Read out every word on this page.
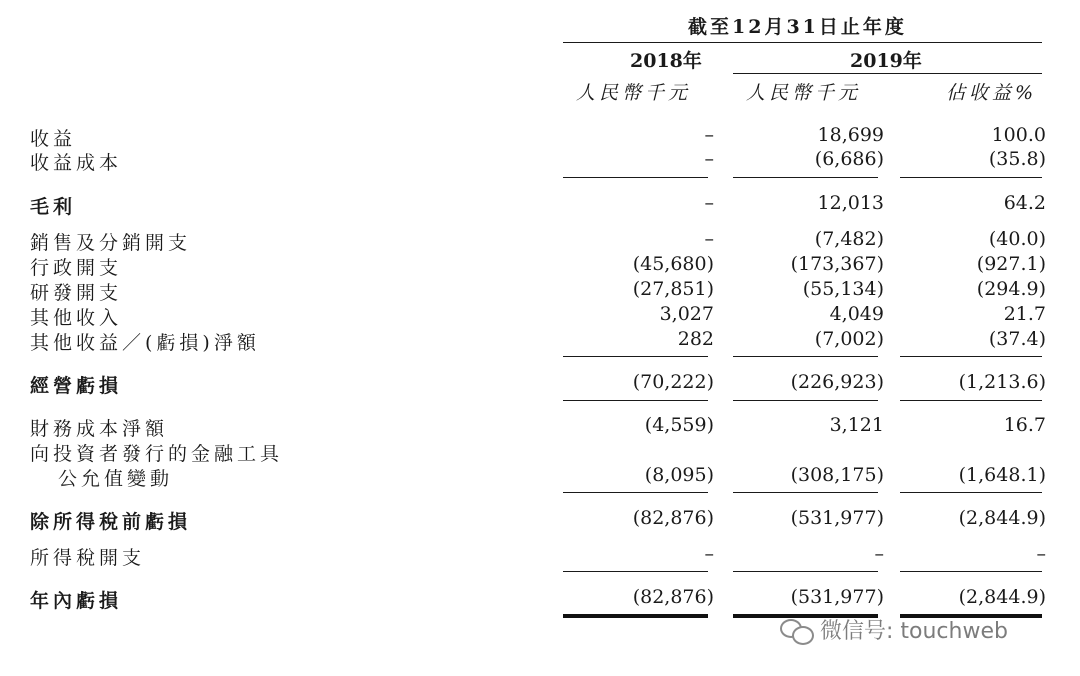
截至12月31日止年度
2018年	2019年
人民幣千元	人民幣千元	佔收益%
收益	–	18,699	100.0
收益成本	–	(6,686)	(35.8)
毛利	–	12,013	64.2
銷售及分銷開支	–	(7,482)	(40.0)
行政開支	(45,680)	(173,367)	(927.1)
研發開支	(27,851)	(55,134)	(294.9)
其他收入	3,027	4,049	21.7
其他收益／(虧損)淨額	282	(7,002)	(37.4)
經營虧損	(70,222)	(226,923)	(1,213.6)
財務成本淨額	(4,559)	3,121	16.7
向投資者發行的金融工具
公允值變動	(8,095)	(308,175)	(1,648.1)
除所得稅前虧損	(82,876)	(531,977)	(2,844.9)
所得稅開支	–	–	–
年內虧損	(82,876)	(531,977)	(2,844.9)
微信号: touchweb
